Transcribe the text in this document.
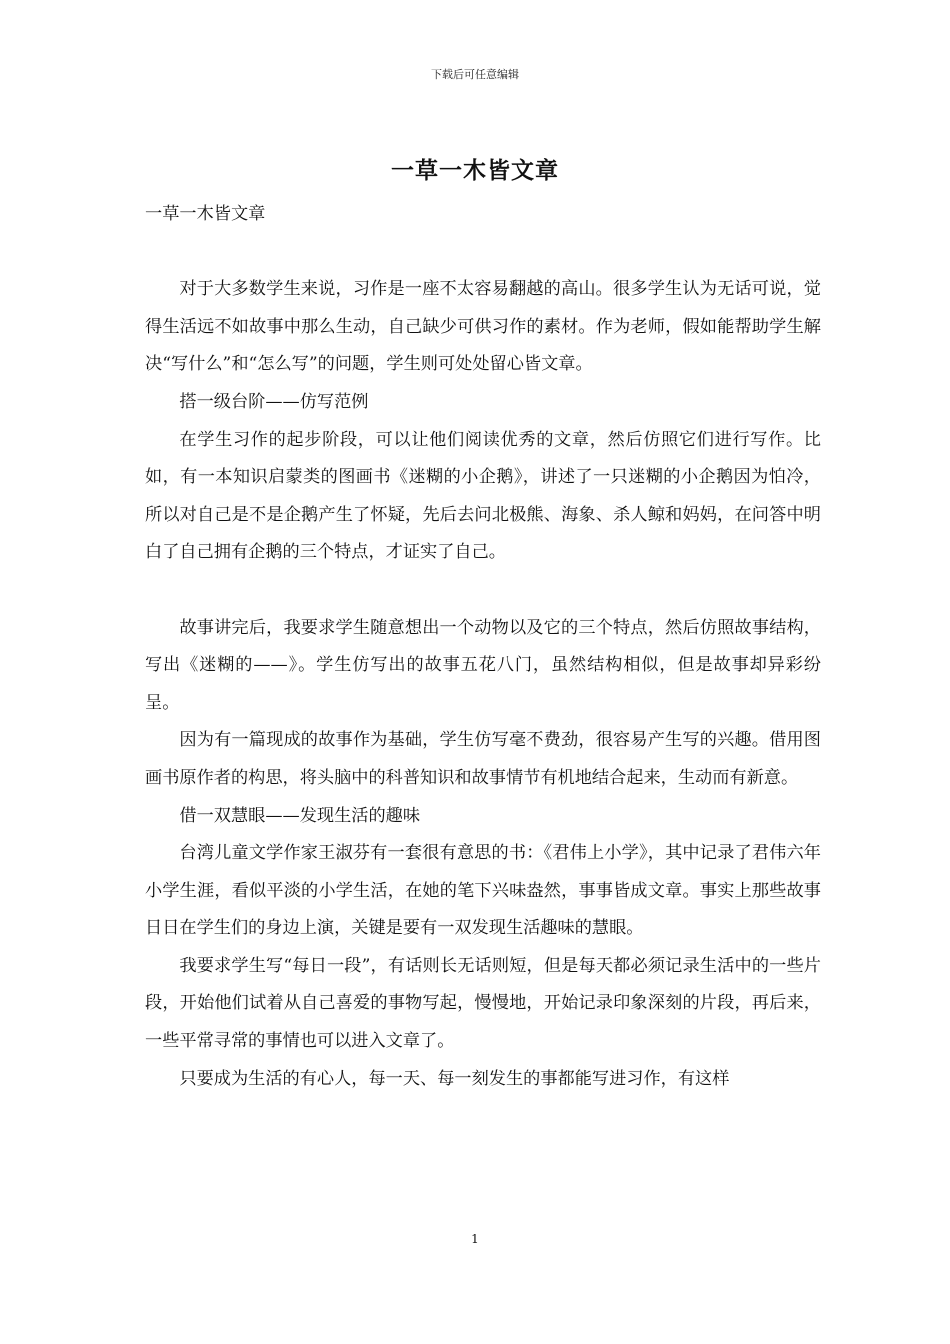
下载后可任意编辑
一草一木皆文章

一草一木皆文章

对于大多数学生来说，习作是一座不太容易翻越的高山。很多学生认为无话可说，觉得生活远不如故事中那么生动，自己缺少可供习作的素材。作为老师，假如能帮助学生解决“写什么”和“怎么写”的问题，学生则可处处留心皆文章。

搭一级台阶——仿写范例

在学生习作的起步阶段，可以让他们阅读优秀的文章，然后仿照它们进行写作。比如，有一本知识启蒙类的图画书《迷糊的小企鹅》，讲述了一只迷糊的小企鹅因为怕冷，所以对自己是不是企鹅产生了怀疑，先后去问北极熊、海象、杀人鲸和妈妈，在问答中明白了自己拥有企鹅的三个特点，才证实了自己。

故事讲完后，我要求学生随意想出一个动物以及它的三个特点，然后仿照故事结构，写出《迷糊的——》。学生仿写出的故事五花八门，虽然结构相似，但是故事却异彩纷呈。

因为有一篇现成的故事作为基础，学生仿写毫不费劲，很容易产生写的兴趣。借用图画书原作者的构思，将头脑中的科普知识和故事情节有机地结合起来，生动而有新意。

借一双慧眼——发现生活的趣味

台湾儿童文学作家王淑芬有一套很有意思的书：《君伟上小学》，其中记录了君伟六年小学生涯，看似平淡的小学生活，在她的笔下兴味盎然，事事皆成文章。事实上那些故事日日在学生们的身边上演，关键是要有一双发现生活趣味的慧眼。

我要求学生写“每日一段”，有话则长无话则短，但是每天都必须记录生活中的一些片段，开始他们试着从自己喜爱的事物写起，慢慢地，开始记录印象深刻的片段，再后来，一些平常寻常的事情也可以进入文章了。

只要成为生活的有心人，每一天、每一刻发生的事都能写进习作，有这样

1
